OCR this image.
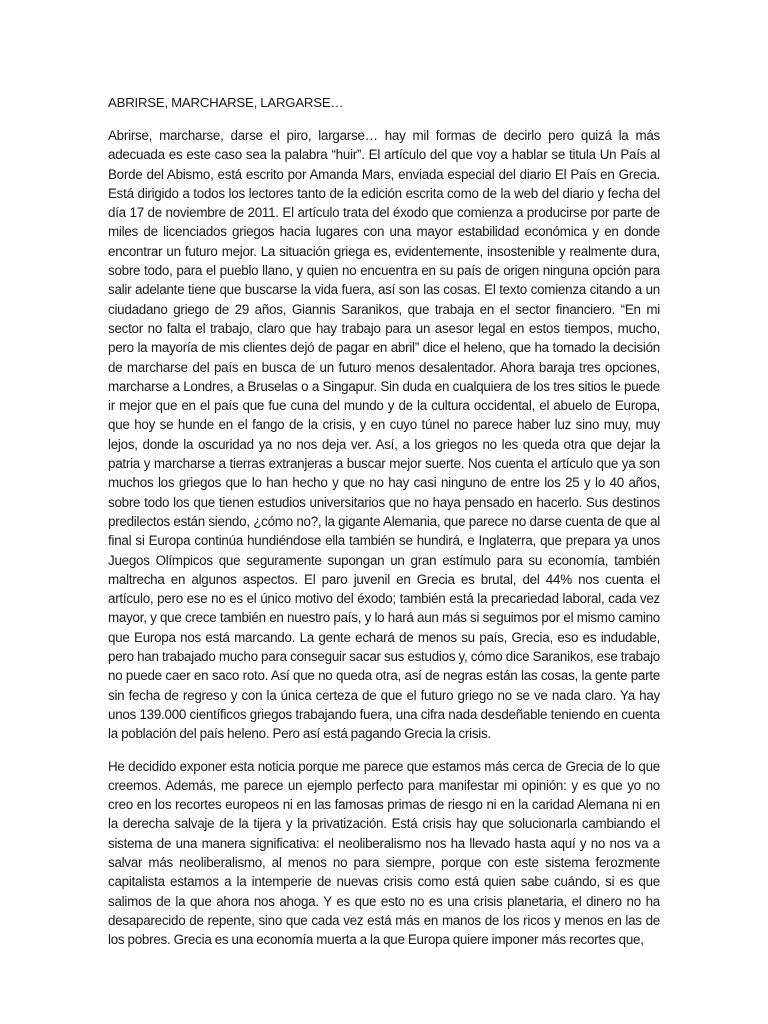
ABRIRSE, MARCHARSE, LARGARSE…

Abrirse, marcharse, darse el piro, largarse… hay mil formas de decirlo pero quizá la más adecuada es este caso sea la palabra “huir”. El artículo del que voy a hablar se titula Un País al Borde del Abismo, está escrito por Amanda Mars, enviada especial del diario El País en Grecia. Está dirigido a todos los lectores tanto de la edición escrita como de la web del diario y fecha del día 17 de noviembre de 2011. El artículo trata del éxodo que comienza a producirse por parte de miles de licenciados griegos hacia lugares con una mayor estabilidad económica y en donde encontrar un futuro mejor. La situación griega es, evidentemente, insostenible y realmente dura, sobre todo, para el pueblo llano, y quien no encuentra en su país de origen ninguna opción para salir adelante tiene que buscarse la vida fuera, así son las cosas. El texto comienza citando a un ciudadano griego de 29 años, Giannis Saranikos, que trabaja en el sector financiero. “En mi sector no falta el trabajo, claro que hay trabajo para un asesor legal en estos tiempos, mucho, pero la mayoría de mis clientes dejó de pagar en abril” dice el heleno, que ha tomado la decisión de marcharse del país en busca de un futuro menos desalentador. Ahora baraja tres opciones, marcharse a Londres, a Bruselas o a Singapur. Sin duda en cualquiera de los tres sitios le puede ir mejor que en el país que fue cuna del mundo y de la cultura occidental, el abuelo de Europa, que hoy se hunde en el fango de la crisis, y en cuyo túnel no parece haber luz sino muy, muy lejos, donde la oscuridad ya no nos deja ver. Así, a los griegos no les queda otra que dejar la patria y marcharse a tierras extranjeras a buscar mejor suerte. Nos cuenta el artículo que ya son muchos los griegos que lo han hecho y que no hay casi ninguno de entre los 25 y lo 40 años, sobre todo los que tienen estudios universitarios que no haya pensado en hacerlo. Sus destinos predilectos están siendo, ¿cómo no?, la gigante Alemania, que parece no darse cuenta de que al final si Europa continúa hundiéndose ella también se hundirá, e Inglaterra, que prepara ya unos Juegos Olímpicos que seguramente supongan un gran estímulo para su economía, también maltrecha en algunos aspectos. El paro juvenil en Grecia es brutal, del 44% nos cuenta el artículo, pero ese no es el único motivo del éxodo; también está la precariedad laboral, cada vez mayor, y que crece también en nuestro país, y lo hará aun más si seguimos por el mismo camino que Europa nos está marcando. La gente echará de menos su país, Grecia, eso es indudable, pero han trabajado mucho para conseguir sacar sus estudios y, cómo dice Saranikos, ese trabajo no puede caer en saco roto. Así que no queda otra, así de negras están las cosas, la gente parte sin fecha de regreso y con la única certeza de que el futuro griego no se ve nada claro. Ya hay unos 139.000 científicos griegos trabajando fuera, una cifra nada desdeñable teniendo en cuenta la población del país heleno. Pero así está pagando Grecia la crisis.

He decidido exponer esta noticia porque me parece que estamos más cerca de Grecia de lo que creemos. Además, me parece un ejemplo perfecto para manifestar mi opinión: y es que yo no creo en los recortes europeos ni en las famosas primas de riesgo ni en la caridad Alemana ni en la derecha salvaje de la tijera y la privatización. Está crisis hay que solucionarla cambiando el sistema de una manera significativa: el neoliberalismo nos ha llevado hasta aquí y no nos va a salvar más neoliberalismo, al menos no para siempre, porque con este sistema ferozmente capitalista estamos a la intemperie de nuevas crisis como está quien sabe cuándo, si es que salimos de la que ahora nos ahoga. Y es que esto no es una crisis planetaria, el dinero no ha desaparecido de repente, sino que cada vez está más en manos de los ricos y menos en las de los pobres. Grecia es una economía muerta a la que Europa quiere imponer más recortes que,
